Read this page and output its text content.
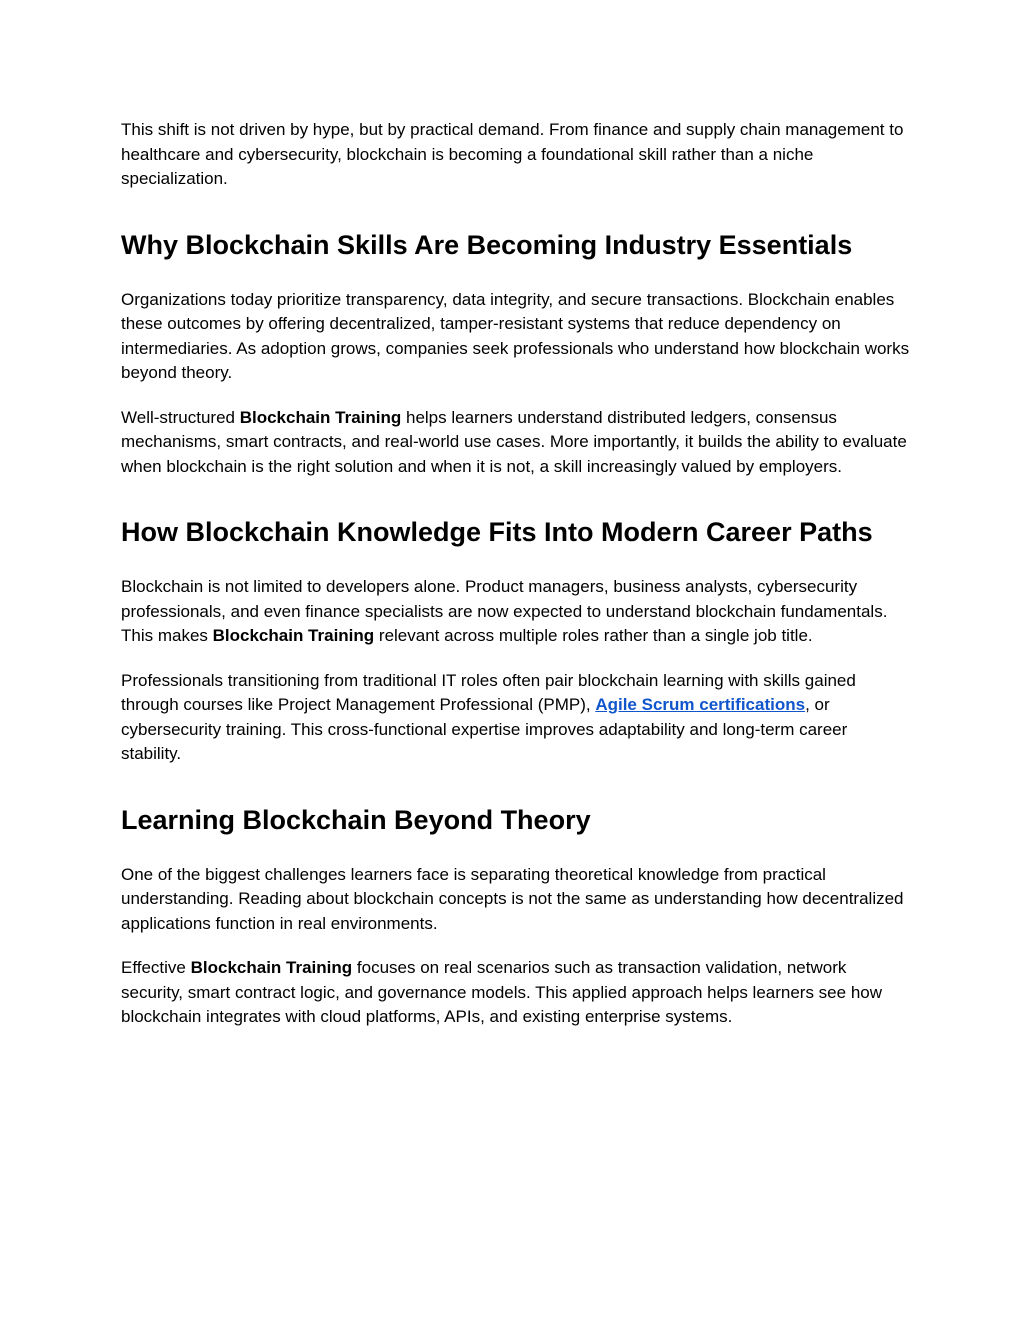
This shift is not driven by hype, but by practical demand. From finance and supply chain management to healthcare and cybersecurity, blockchain is becoming a foundational skill rather than a niche specialization.

Why Blockchain Skills Are Becoming Industry Essentials

Organizations today prioritize transparency, data integrity, and secure transactions. Blockchain enables these outcomes by offering decentralized, tamper-resistant systems that reduce dependency on intermediaries. As adoption grows, companies seek professionals who understand how blockchain works beyond theory.

Well-structured Blockchain Training helps learners understand distributed ledgers, consensus mechanisms, smart contracts, and real-world use cases. More importantly, it builds the ability to evaluate when blockchain is the right solution and when it is not, a skill increasingly valued by employers.

How Blockchain Knowledge Fits Into Modern Career Paths

Blockchain is not limited to developers alone. Product managers, business analysts, cybersecurity professionals, and even finance specialists are now expected to understand blockchain fundamentals. This makes Blockchain Training relevant across multiple roles rather than a single job title.

Professionals transitioning from traditional IT roles often pair blockchain learning with skills gained through courses like Project Management Professional (PMP), Agile Scrum certifications, or cybersecurity training. This cross-functional expertise improves adaptability and long-term career stability.

Learning Blockchain Beyond Theory

One of the biggest challenges learners face is separating theoretical knowledge from practical understanding. Reading about blockchain concepts is not the same as understanding how decentralized applications function in real environments.

Effective Blockchain Training focuses on real scenarios such as transaction validation, network security, smart contract logic, and governance models. This applied approach helps learners see how blockchain integrates with cloud platforms, APIs, and existing enterprise systems.
